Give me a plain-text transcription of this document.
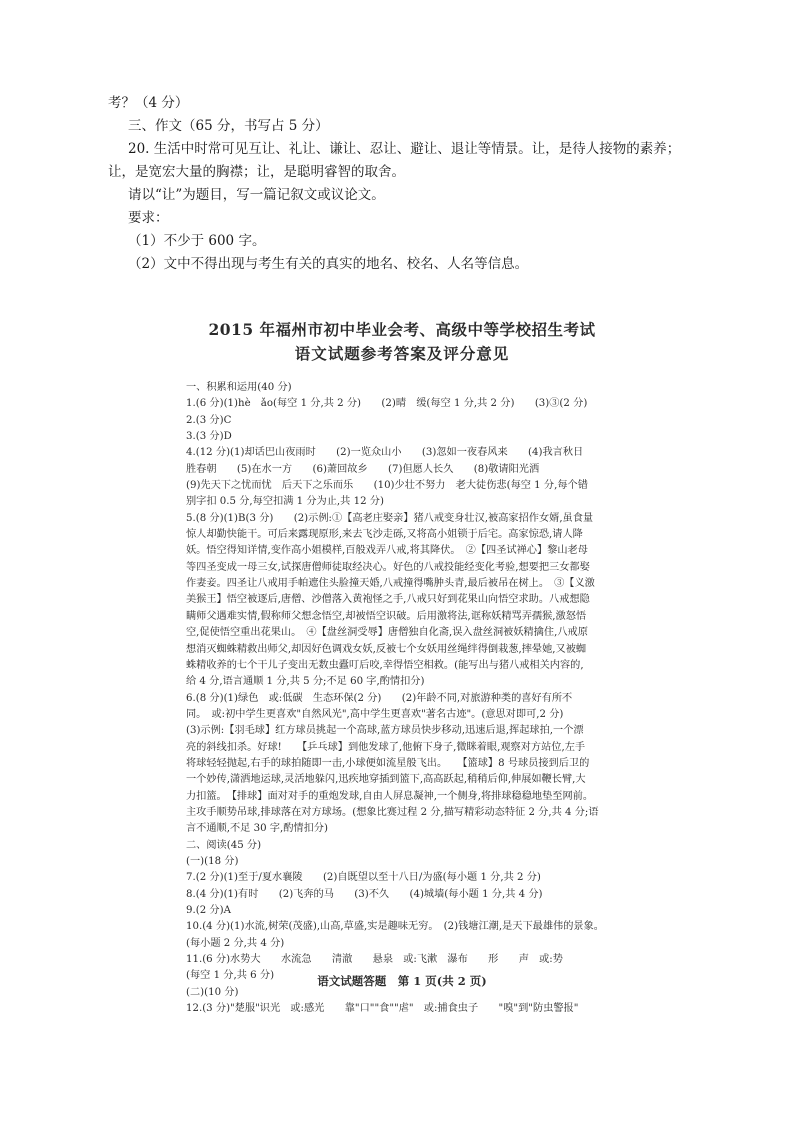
考？（4 分）

三、作文（65 分，书写占 5 分）

20. 生活中时常可见互让、礼让、谦让、忍让、避让、退让等情景。让，是待人接物的素养；

让，是宽宏大量的胸襟；让，是聪明睿智的取舍。

请以“让”为题目，写一篇记叙文或议论文。

要求：

（1）不少于 600 字。

（2）文中不得出现与考生有关的真实的地名、校名、人名等信息。

2015 年福州市初中毕业会考、高级中等学校招生考试

语文试题参考答案及评分意见

一、积累和运用(40 分)

1.(6 分)(1)hè　ǎo(每空 1 分,共 2 分)　　(2)晴　缓(每空 1 分,共 2 分)　　(3)③(2 分)

2.(3 分)C

3.(3 分)D

4.(12 分)(1)却话巴山夜雨时　　(2)一览众山小　　(3)忽如一夜春风来　　(4)我言秋日

胜春朝　　(5)在水一方　　(6)萧回故乡　　(7)但愿人长久　　(8)敬请阳光洒

(9)先天下之忧而忧　后天下之乐而乐　　(10)少壮不努力　老大徒伤悲(每空 1 分,每个错

别字扣 0.5 分,每空扣满 1 分为止,共 12 分)

5.(8 分)(1)B(3 分)　　(2)示例:①【高老庄娶亲】猪八戒变身壮汉,被高家招作女婿,虽食量

惊人却勤快能干。可后来露现原形,来去飞沙走砾,又将高小姐锁于后宅。高家惊恐,请人降

妖。悟空得知详情,变作高小姐模样,百般戏弄八戒,将其降伏。　②【四圣试禅心】黎山老母

等四圣变成一母三女,试探唐僧师徒取经决心。好色的八戒投能经变化考验,想要把三女都娶

作妻妾。四圣让八戒用手帕遮住头脸撞天婚,八戒撞得嘴肿头青,最后被吊在树上。　③【义激

美猴王】悟空被逐后,唐僧、沙僧落入黄袍怪之手,八戒只好到花果山向悟空求助。八戒想隐

瞒师父遇难实情,假称师父想念悟空,却被悟空识破。后用激将法,诓称妖精骂弄孺猴,激怒悟

空,促使悟空重出花果山。　④【盘丝洞受辱】唐僧独自化斋,误入盘丝洞被妖精擒住,八戒原

想消灭蜘蛛精救出师父,却因好色调戏女妖,反被七个女妖用丝绳绊得倒栽葱,摔晕她,又被蜘

蛛精收养的七个干儿子变出无数虫蠹叮后咬,幸得悟空相救。(能写出与猪八戒相关内容的,

给 4 分,语言通顺 1 分,共 5 分;不足 60 字,酌情扣分)

6.(8 分)(1)绿色　或:低碳　生态环保(2 分)　　(2)年龄不同,对旅游种类的喜好有所不

同。　或:初中学生更喜欢"自然风光",高中学生更喜欢"著名古迹"。(意思对即可,2 分)

(3)示例:【羽毛球】红方球员挑起一个高球,蓝方球员快步移动,迅速后退,挥起球拍,一个漂

亮的斜线扣杀。好球!　　【乒乓球】到他发球了,他俯下身子,微眯着眼,观察对方站位,左手

将球轻轻抛起,右手的球拍随即一击,小球便如流星般飞出。　　【篮球】8 号球员接到后卫的

一个妙传,潇洒地运球,灵活地躲闪,迅疾地穿插到篮下,高高跃起,稍稍后仰,伸展如鞭长臂,大

力扣篮。　【排球】面对对手的重炮发球,自由人屏息凝神,一个侧身,将排球稳稳地垫至网前。

主攻手顺势吊球,排球落在对方球场。(想象比赛过程 2 分,描写精彩动态特征 2 分,共 4 分;语

言不通顺,不足 30 字,酌情扣分)

二、阅读(45 分)

(一)(18 分)

7.(2 分)(1)至于/夏水襄陵　　(2)自既望以至十八日/为盛(每小题 1 分,共 2 分)

8.(4 分)(1)有时　　(2)飞奔的马　　(3)不久　　(4)城墙(每小题 1 分,共 4 分)

9.(2 分)A

10.(4 分)(1)水流,树荣(茂盛),山高,草盛,实是趣味无穷。　(2)钱塘江潮,是天下最雄伟的景象。

(每小题 2 分,共 4 分)

11.(6 分)水势大　　水流急　　清澈　　悬泉　或:飞漱　瀑布　　形　　声　或:势

(每空 1 分,共 6 分)

(二)(10 分)

12.(3 分)"楚服"识光　或:感光　　靠"口""食""虐"　或:捕食虫子　　"嗅"到"防虫警报"

语文试题答题　第 1 页(共 2 页)
